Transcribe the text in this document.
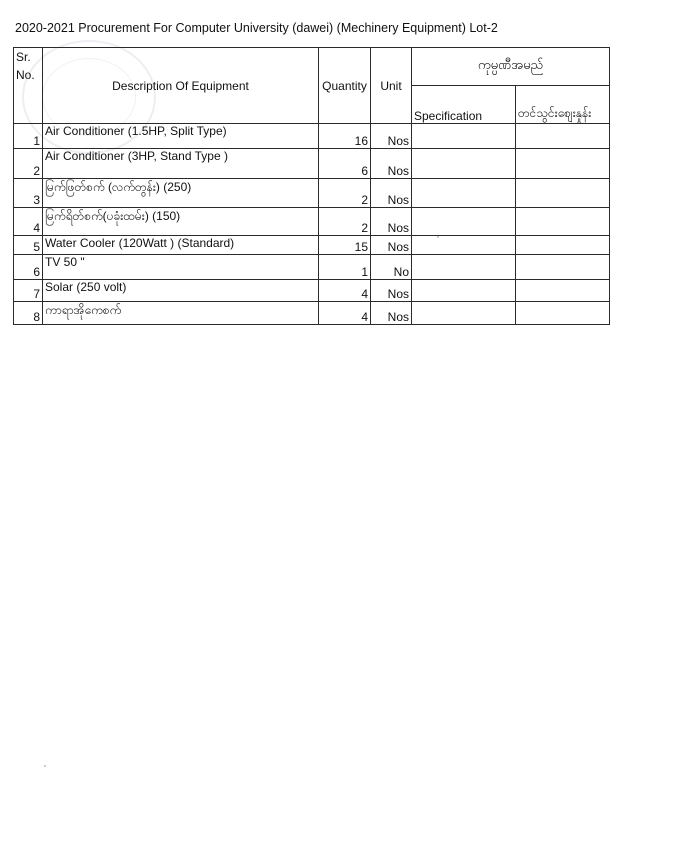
2020-2021 Procurement For Computer University (dawei) (Mechinery Equipment) Lot-2
Sr.
No.	Description Of Equipment	Quantity	Unit	ကုမ္ပဏီအမည်	
				Specification	တင်သွင်းစျေးနှုန်း
1	Air Conditioner (1.5HP, Split Type)	16	Nos		
2	Air Conditioner (3HP, Stand Type )	6	Nos		
3	မြက်ဖြတ်စက် (လက်တွန်း) (250)	2	Nos		
4	မြက်ရိတ်စက်(ပခုံးထမ်း) (150)	2	Nos		
5	Water Cooler (120Watt ) (Standard)	15	Nos		
6	TV 50 "	1	No		
7	Solar (250 volt)	4	Nos		
8	ကာရာအိုကေစက်	4	Nos		
